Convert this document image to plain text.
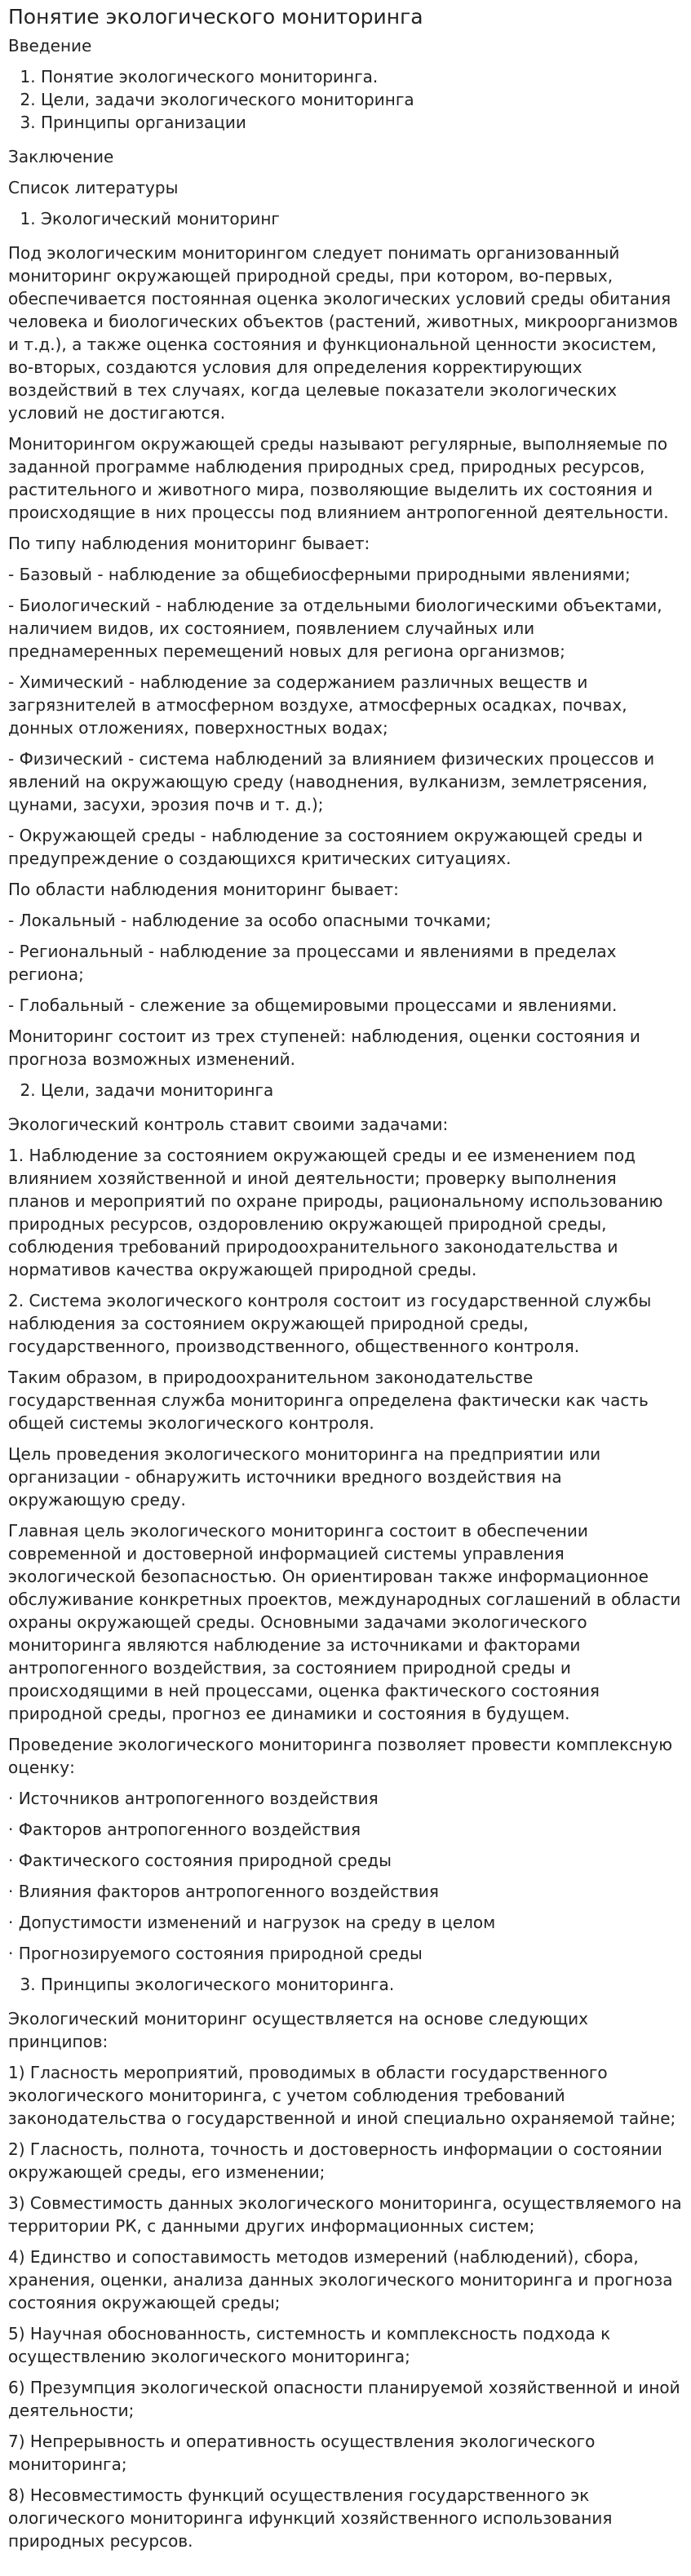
Понятие экологического мониторинга

Введение

1. Понятие экологического мониторинга.
2. Цели, задачи экологического мониторинга
3. Принципы организации

Заключение

Список литературы

1. Экологический мониторинг

Под экологическим мониторингом следует понимать организованный мониторинг окружающей природной среды, при котором, во-первых, обеспечивается постоянная оценка экологических условий среды обитания человека и биологических объектов (растений, животных, микроорганизмов и т.д.), а также оценка состояния и функциональной ценности экосистем, во-вторых, создаются условия для определения корректирующих воздействий в тех случаях, когда целевые показатели экологических условий не достигаются.

Мониторингом окружающей среды называют регулярные, выполняемые по заданной программе наблюдения природных сред, природных ресурсов, растительного и животного мира, позволяющие выделить их состояния и происходящие в них процессы под влиянием антропогенной деятельности.

По типу наблюдения мониторинг бывает:

- Базовый - наблюдение за общебиосферными природными явлениями;

- Биологический - наблюдение за отдельными биологическими объектами, наличием видов, их состоянием, появлением случайных или преднамеренных перемещений новых для региона организмов;

- Химический - наблюдение за содержанием различных веществ и загрязнителей в атмосферном воздухе, атмосферных осадках, почвах, донных отложениях, поверхностных водах;

- Физический - система наблюдений за влиянием физических процессов и явлений на окружающую среду (наводнения, вулканизм, землетрясения, цунами, засухи, эрозия почв и т. д.);

- Окружающей среды - наблюдение за состоянием окружающей среды и предупреждение о создающихся критических ситуациях.

По области наблюдения мониторинг бывает:

- Локальный - наблюдение за особо опасными точками;

- Региональный - наблюдение за процессами и явлениями в пределах региона;

- Глобальный - слежение за общемировыми процессами и явлениями.

Мониторинг состоит из трех ступеней: наблюдения, оценки состояния и прогноза возможных изменений.

2. Цели, задачи мониторинга

Экологический контроль ставит своими задачами:

1. Наблюдение за состоянием окружающей среды и ее изменением под влиянием хозяйственной и иной деятельности; проверку выполнения планов и мероприятий по охране природы, рациональному использованию природных ресурсов, оздоровлению окружающей природной среды, соблюдения требований природоохранительного законодательства и нормативов качества окружающей природной среды.

2. Система экологического контроля состоит из государственной службы наблюдения за состоянием окружающей природной среды, государственного, производственного, общественного контроля.

Таким образом, в природоохранительном законодательстве государственная служба мониторинга определена фактически как часть общей системы экологического контроля.

Цель проведения экологического мониторинга на предприятии или организации - обнаружить источники вредного воздействия на окружающую среду.

Главная цель экологического мониторинга состоит в обеспечении современной и достоверной информацией системы управления экологической безопасностью. Он ориентирован также информационное обслуживание конкретных проектов, международных соглашений в области охраны окружающей среды. Основными задачами экологического мониторинга являются наблюдение за источниками и факторами антропогенного воздействия, за состоянием природной среды и происходящими в ней процессами, оценка фактического состояния природной среды, прогноз ее динамики и состояния в будущем.

Проведение экологического мониторинга позволяет провести комплексную оценку:

· Источников антропогенного воздействия

· Факторов антропогенного воздействия

· Фактического состояния природной среды

· Влияния факторов антропогенного воздействия

· Допустимости изменений и нагрузок на среду в целом

· Прогнозируемого состояния природной среды

3. Принципы экологического мониторинга.

Экологический мониторинг осуществляется на основе следующих принципов:

1) Гласность мероприятий, проводимых в области государственного экологического мониторинга, с учетом соблюдения требований законодательства о государственной и иной специально охраняемой тайне;

2) Гласность, полнота, точность и достоверность информации о состоянии окружающей среды, его изменении;

3) Совместимость данных экологического мониторинга, осуществляемого на территории РК, с данными других информационных систем;

4) Единство и сопоставимость методов измерений (наблюдений), сбора, хранения, оценки, анализа данных экологического мониторинга и прогноза состояния окружающей среды;

5) Научная обоснованность, системность и комплексность подхода к осуществлению экологического мониторинга;

6) Презумпция экологической опасности планируемой хозяйственной и иной деятельности;

7) Непрерывность и оперативность осуществления экологического мониторинга;

8) Несовместимость функций осуществления государственного эк ологического мониторинга ифункций хозяйственного использования природных ресурсов.
